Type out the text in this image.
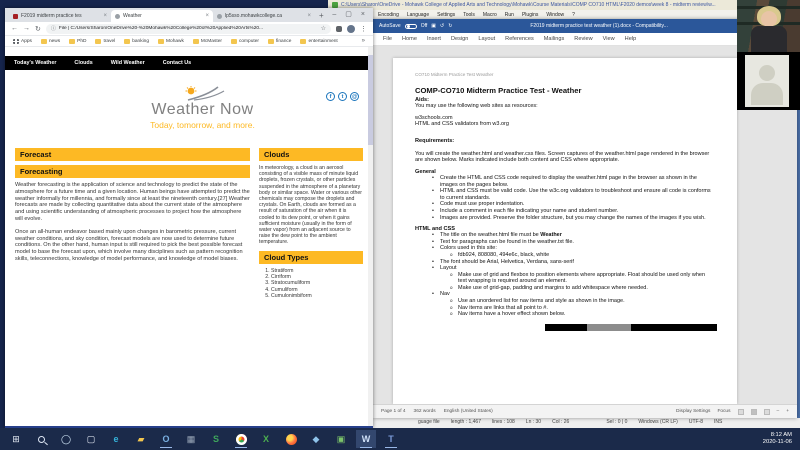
C:\Users\Sharon\OneDrive - Mohawk College of Applied Arts and Technology\Mohawk\Course Materials\COMP CO710 HTML\F2020 demos\week 8 - midterm review\w...
Encoding Language Settings Tools Macro Run Plugins Window ?
guage file length : 1,467 lines : 108 Ln : 30 Col : 26	Sel : 0 | 0 Windows (CR LF) UTF-8 INS
AutoSave	Off ▣ ↺ ↻	F2019 midterm practice test weather (1).docx - Compatibility...
File Home Insert Design Layout References Mailings Review View Help
CO710 Midterm Practice Test Weather
COMP-CO710 Midterm Practice Test - Weather
Aids:
You may use the following web sites as resources:
w3schools.com
HTML and CSS validators from w3.org
Requirements:
You will create the weather.html and weather.css files. Screen captures of the weather.html page rendered in the browser are shown below. Marks indicated include both content and CSS where appropriate.
General
• Create the HTML and CSS code required to display the weather.html page in the browser as shown in the images on the pages below.
• HTML and CSS must be valid code. Use the w3c.org validators to troubleshoot and ensure all code is conforms to current standards.
• Code must use proper indentation.
• Include a comment in each file indicating your name and student number.
• Images are provided. Preserve the folder structure, but you may change the names of the images if you wish.
HTML and CSS
• The title on the weather.html file must be Weather
• Text for paragraphs can be found in the weather.txt file.
• Colors used in this site:
o fdb924, 808080, 494e6c, black, white
• The font should be Arial, Helvetica, Verdana, sans-serif
• Layout
o Make use of grid and flexbox to position elements where appropriate. Float should be used only when text wrapping is required around an element.
o Make use of grid-gap, padding and margins to add whitespace where needed.
• Nav
o Use an unordered list for nav items and style as shown in the image.
o Nav items are links that all point to #.
o Nav items have a hover effect shown below.
Page 1 of 4 362 words English (United States)	Display Settings Focus	– +
F2019 midterm practice tes	×	Weather	×	lp5sso.mohawkcollege.ca	× + – ▢ ×
← → ↻ ⓘ File | C:/Users/Sharon/OneDrive%20-%20Mohawk%20College%20of%20Applied%20Arts%20...	☆	⋮
Apps	news	PhD	travel	banking	Mohawk	McMaster	computer	finance	entertainment	»
Today's Weather	Clouds	Wild Weather	Contact Us
Weather Now
Today, tomorrow, and more.
f	t	@
Forecast
Forecasting

Weather forecasting is the application of science and technology to predict the state of the atmosphere for a future time and a given location. Human beings have attempted to predict the weather informally for millennia, and formally since at least the nineteenth century.[27] Weather forecasts are made by collecting quantitative data about the current state of the atmosphere and using scientific understanding of atmospheric processes to project how the atmosphere will evolve.

Once an all-human endeavor based mainly upon changes in barometric pressure, current weather conditions, and sky condition, forecast models are now used to determine future conditions. On the other hand, human input is still required to pick the best possible forecast model to base the forecast upon, which involve many disciplines such as pattern recognition skills, teleconnections, knowledge of model performance, and knowledge of model biases.

Clouds
In meteorology, a cloud is an aerosol consisting of a visible mass of minute liquid droplets, frozen crystals, or other particles suspended in the atmosphere of a planetary body or similar space. Water or various other chemicals may compose the droplets and crystals. On Earth, clouds are formed as a result of saturation of the air when it is cooled to its dew point, or when it gains sufficient moisture (usually in the form of water vapor) from an adjacent source to raise the dew point to the ambient temperature.
Cloud Types
1. Stratiform
2. Cirriform
3. Stratocumuliform
4. Cumuliform
5. Cumulonimbiform
⊞	◯ ▢ e ▰ O ▦ S	X	◆ ▣ W T	8:12 AM
2020-11-06
